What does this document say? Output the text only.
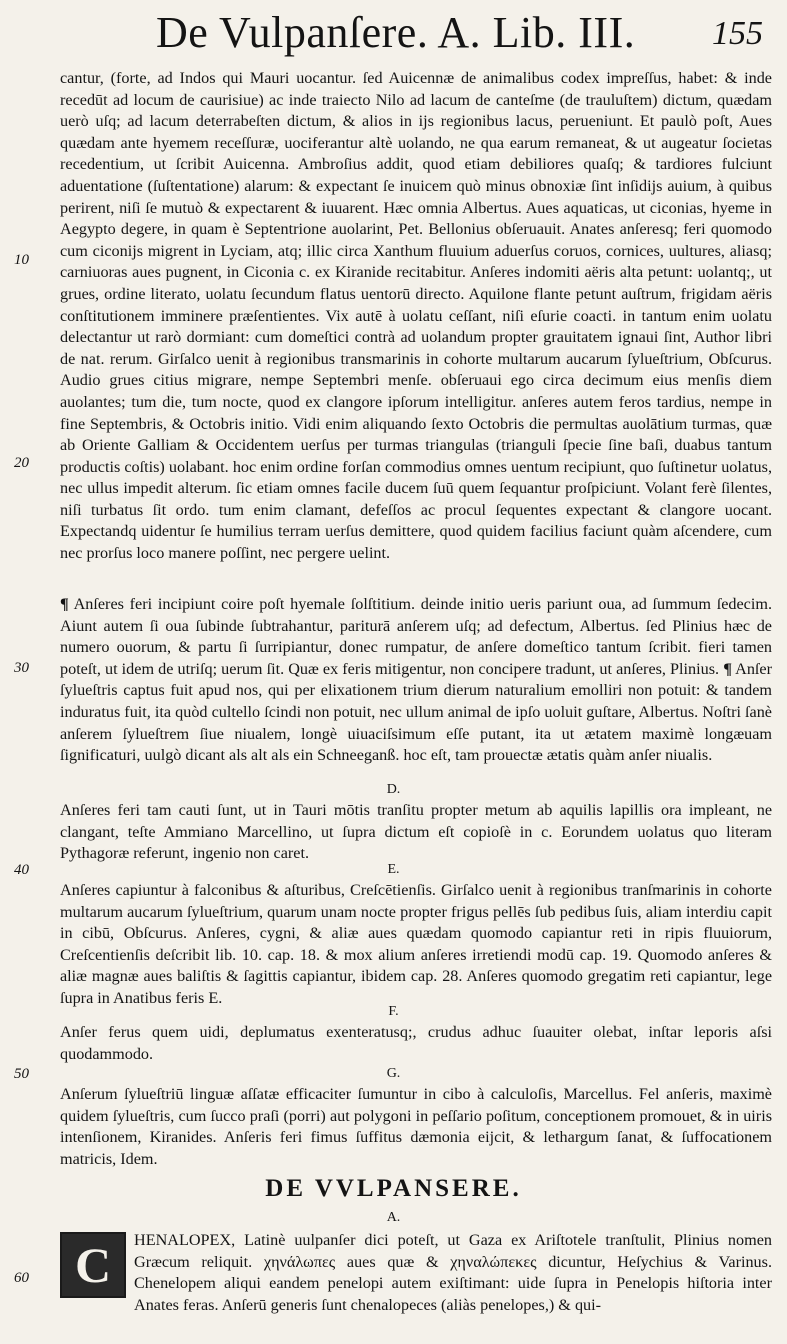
De Vulpanſere. A. Lib. III. 155
10
20
30
40
50
60

cantur, (forte, ad Indos qui Mauri uocantur. ſed Auicennæ de animalibus codex impreſſus, habet: & inde recedūt ad locum de caurisiue) ac inde traiecto Nilo ad lacum de canteſme (de trauluſtem) dictum, quædam uerò uſq; ad lacum deterrabeſten dictum, & alios in ijs regionibus lacus, perueniunt. Et paulò poſt, Aues quædam ante hyemem receſſuræ, uociferantur altè uolando, ne qua earum remaneat, & ut augeatur ſocietas recedentium, ut ſcribit Auicenna. Ambroſius addit, quod etiam debiliores quaſq; & tardiores fulciunt aduentatione (ſuſtentatione) alarum: & expectant ſe inuicem quò minus obnoxiæ ſint inſidijs auium, à quibus perirent, niſi ſe mutuò & expectarent & iuuarent. Hæc omnia Albertus. Aues aquaticas, ut ciconias, hyeme in Aegypto degere, in quam è Septentrione auolarint, Pet. Bellonius obſeruauit. Anates anſeresq; feri quomodo cum ciconijs migrent in Lyciam, atq; illic circa Xanthum fluuium aduerſus coruos, cornices, uultures, aliasq; carniuoras aues pugnent, in Ciconia c. ex Kiranide recitabitur. Anſeres indomiti aëris alta petunt: uolantq;, ut grues, ordine literato, uolatu ſecundum flatus uentorū directo. Aquilone flante petunt auſtrum, frigidam aëris conſtitutionem imminere præſentientes. Vix autē à uolatu ceſſant, niſi eſurie coacti. in tantum enim uolatu delectantur ut rarò dormiant: cum domeſtici contrà ad uolandum propter grauitatem ignaui ſint, Author libri de nat. rerum. Girſalco uenit à regionibus transmarinis in cohorte multarum aucarum ſylueſtrium, Obſcurus. Audio grues citius migrare, nempe Septembri menſe. obſeruaui ego circa decimum eius menſis diem auolantes; tum die, tum nocte, quod ex clangore ipſorum intelligitur. anſeres autem feros tardius, nempe in fine Septembris, & Octobris initio. Vidi enim aliquando ſexto Octobris die permultas auolātium turmas, quæ ab Oriente Galliam & Occidentem uerſus per turmas triangulas (trianguli ſpecie ſine baſi, duabus tantum productis coſtis) uolabant. hoc enim ordine forſan commodius omnes uentum recipiunt, quo ſuſtinetur uolatus, nec ullus impedit alterum. ſic etiam omnes facile ducem ſuū quem ſequantur proſpiciunt. Volant ferè ſilentes, niſi turbatus ſit ordo. tum enim clamant, defeſſos ac procul ſequentes expectant & clangore uocant. Expectandq uidentur ſe humilius terram uerſus demittere, quod quidem facilius faciunt quàm aſcendere, cum nec prorſus loco manere poſſint, nec pergere uelint.

¶ Anſeres feri incipiunt coire poſt hyemale ſolſtitium. deinde initio ueris pariunt oua, ad ſummum ſedecim. Aiunt autem ſi oua ſubinde ſubtrahantur, pariturā anſerem uſq; ad defectum, Albertus. ſed Plinius hæc de numero ouorum, & partu ſi ſurripiantur, donec rumpatur, de anſere domeſtico tantum ſcribit. fieri tamen poteſt, ut idem de utriſq; uerum ſit. Quæ ex feris mitigentur, non concipere tradunt, ut anſeres, Plinius. ¶ Anſer ſylueſtris captus fuit apud nos, qui per elixationem trium dierum naturalium emolliri non potuit: & tandem induratus fuit, ita quòd cultello ſcindi non potuit, nec ullum animal de ipſo uoluit guſtare, Albertus. Noſtri ſanè anſerem ſylueſtrem ſiue niualem, longè uiuaciſsimum eſſe putant, ita ut ætatem maximè longæuam ſignificaturi, uulgò dicant als alt als ein Schneeganß. hoc eſt, tam prouectæ ætatis quàm anſer niualis.

D.

Anſeres feri tam cauti ſunt, ut in Tauri mōtis tranſitu propter metum ab aquilis lapillis ora impleant, ne clangant, teſte Ammiano Marcellino, ut ſupra dictum eſt copioſè in c. Eorundem uolatus quo literam Pythagoræ referunt, ingenio non caret.

E.

Anſeres capiuntur à falconibus & aſturibus, Creſcētienſis. Girſalco uenit à regionibus tranſmarinis in cohorte multarum aucarum ſylueſtrium, quarum unam nocte propter frigus pellēs ſub pedibus ſuis, aliam interdiu capit in cibū, Obſcurus. Anſeres, cygni, & aliæ aues quædam quomodo capiantur reti in ripis fluuiorum, Creſcentienſis deſcribit lib. 10. cap. 18. & mox alium anſeres irretiendi modū cap. 19. Quomodo anſeres & aliæ magnæ aues baliſtis & ſagittis capiantur, ibidem cap. 28. Anſeres quomodo gregatim reti capiantur, lege ſupra in Anatibus feris E.

F.

Anſer ferus quem uidi, deplumatus exenteratusq;, crudus adhuc ſuauiter olebat, inſtar leporis aſsi quodammodo.

G.

Anſerum ſylueſtriū linguæ aſſatæ efficaciter ſumuntur in cibo à calculoſis, Marcellus. Fel anſeris, maximè quidem ſylueſtris, cum ſucco praſi (porri) aut polygoni in peſſario poſitum, conceptionem promouet, & in uiris intenſionem, Kiranides. Anſeris feri fimus ſuffitus dæmonia eijcit, & lethargum ſanat, & ſuffocationem matricis, Idem.

DE VVLPANSERE.
A.
C	HENALOPEX, Latinè uulpanſer dici poteſt, ut Gaza ex Ariſtotele tranſtulit, Plinius nomen Græcum reliquit. χηνάλωπες aues quæ & χηναλώπεκες dicuntur, Heſychius & Varinus. Chenelopem aliqui eandem penelopi autem exiſtimant: uide ſupra in Penelopis hiſtoria inter Anates feras. Anſerū generis ſunt chenalopeces (aliàs penelopes,) & qui-
